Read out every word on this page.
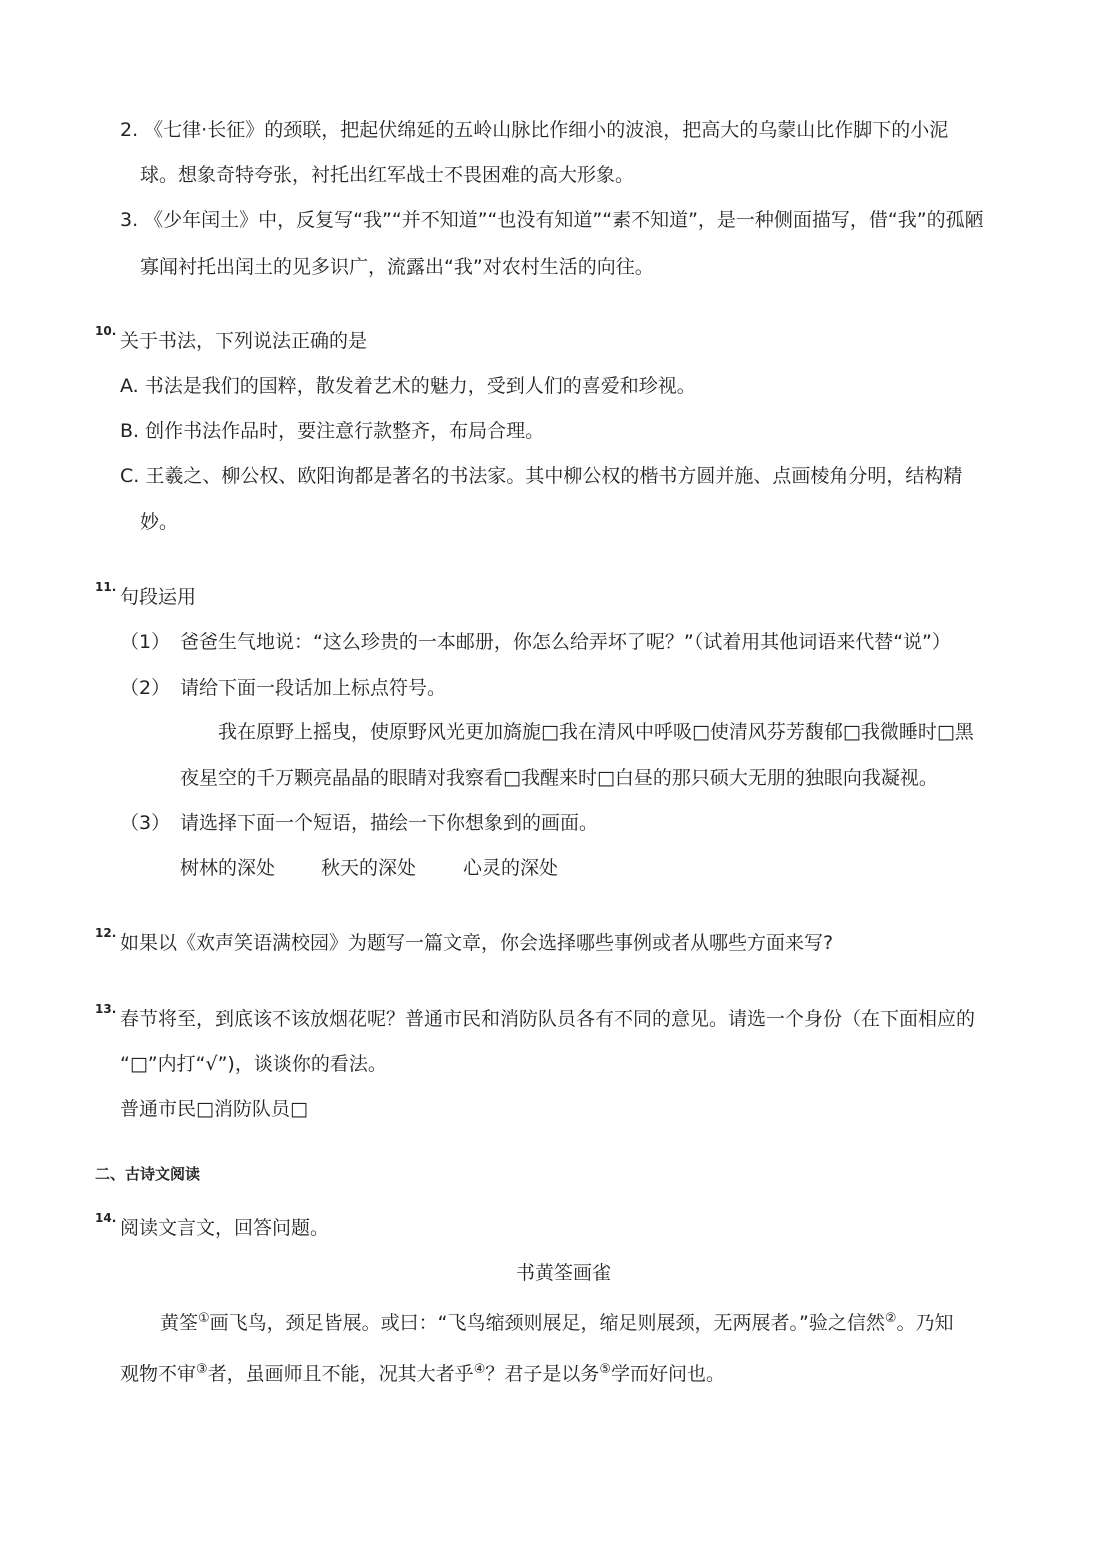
2. 《七律·长征》的颈联，把起伏绵延的五岭山脉比作细小的波浪，把高大的乌蒙山比作脚下的小泥
球。想象奇特夸张，衬托出红军战士不畏困难的高大形象。
3. 《少年闰土》中，反复写“我”“并不知道”“也没有知道”“素不知道”，是一种侧面描写，借“我”的孤陋
寡闻衬托出闰土的见多识广，流露出“我”对农村生活的向往。
10. 关于书法，下列说法正确的是
A. 书法是我们的国粹，散发着艺术的魅力，受到人们的喜爱和珍视。
B. 创作书法作品时，要注意行款整齐，布局合理。
C. 王羲之、柳公权、欧阳询都是著名的书法家。其中柳公权的楷书方圆并施、点画棱角分明，结构精
妙。
11. 句段运用
（1） 爸爸生气地说：“这么珍贵的一本邮册，你怎么给弄坏了呢？”（试着用其他词语来代替“说”）
（2） 请给下面一段话加上标点符号。
我在原野上摇曳，使原野风光更加旖旎□我在清风中呼吸□使清风芬芳馥郁□我微睡时□黑
夜星空的千万颗亮晶晶的眼睛对我察看□我醒来时□白昼的那只硕大无朋的独眼向我凝视。
（3） 请选择下面一个短语，描绘一下你想象到的画面。
树林的深处 秋天的深处 心灵的深处
12. 如果以《欢声笑语满校园》为题写一篇文章，你会选择哪些事例或者从哪些方面来写?
13. 春节将至，到底该不该放烟花呢？普通市民和消防队员各有不同的意见。请选一个身份（在下面相应的
“□”内打“√”)，谈谈你的看法。
普通市民□消防队员□
二、古诗文阅读
14. 阅读文言文，回答问题。
书黄筌画雀
黄筌①画飞鸟，颈足皆展。或曰：“飞鸟缩颈则展足，缩足则展颈，无两展者。”验之信然②。乃知
观物不审③者，虽画师且不能，况其大者乎④？君子是以务⑤学而好问也。
